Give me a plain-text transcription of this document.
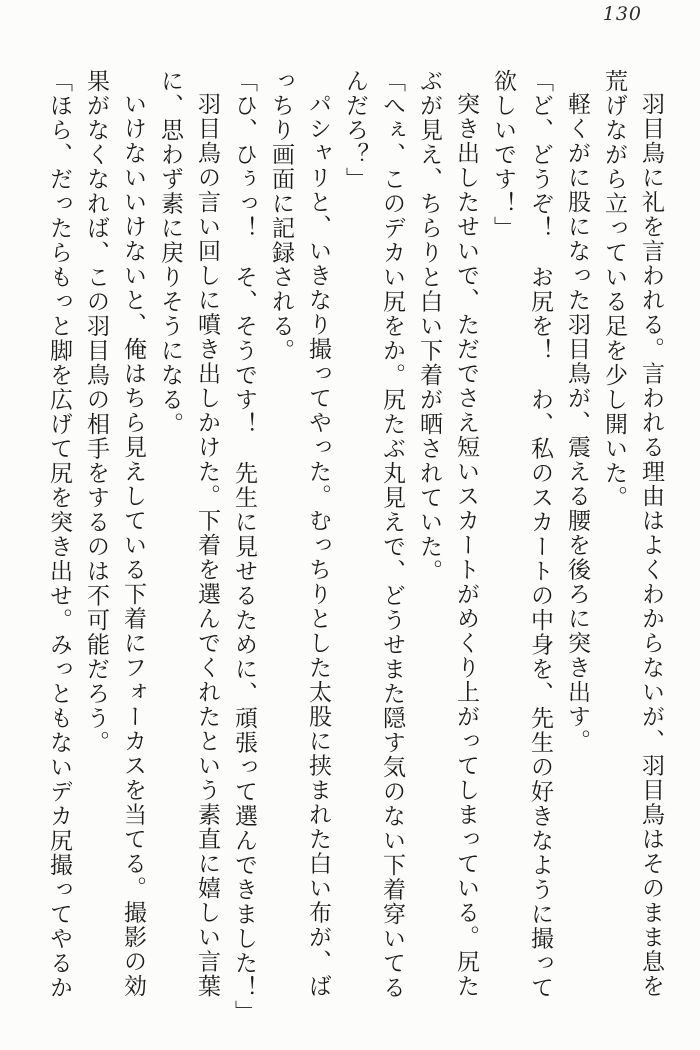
130

羽目鳥に礼を言われる。言われる理由はよくわからないが、羽目鳥はそのまま息を

荒げながら立っている足を少し開いた。

軽くがに股になった羽目鳥が、震える腰を後ろに突き出す。

「ど、どうぞ！　お尻を！　わ、私のスカートの中身を、先生の好きなように撮って

欲しいです！」

突き出したせいで、ただでさえ短いスカートがめくり上がってしまっている。尻た

ぶが見え、ちらりと白い下着が晒されていた。

「へぇ、このデカい尻をか。尻たぶ丸見えで、どうせまた隠す気のない下着穿いてる

んだろ？」

パシャリと、いきなり撮ってやった。むっちりとした太股に挟まれた白い布が、ば

っちり画面に記録される。

「ひ、ひぅっ！　そ、そうです！　先生に見せるために、頑張って選んできました！」

羽目鳥の言い回しに噴き出しかけた。下着を選んでくれたという素直に嬉しい言葉

に、思わず素に戻りそうになる。

いけないいけないと、俺はちら見えしている下着にフォーカスを当てる。撮影の効

果がなくなれば、この羽目鳥の相手をするのは不可能だろう。

「ほら、だったらもっと脚を広げて尻を突き出せ。みっともないデカ尻撮ってやるか
